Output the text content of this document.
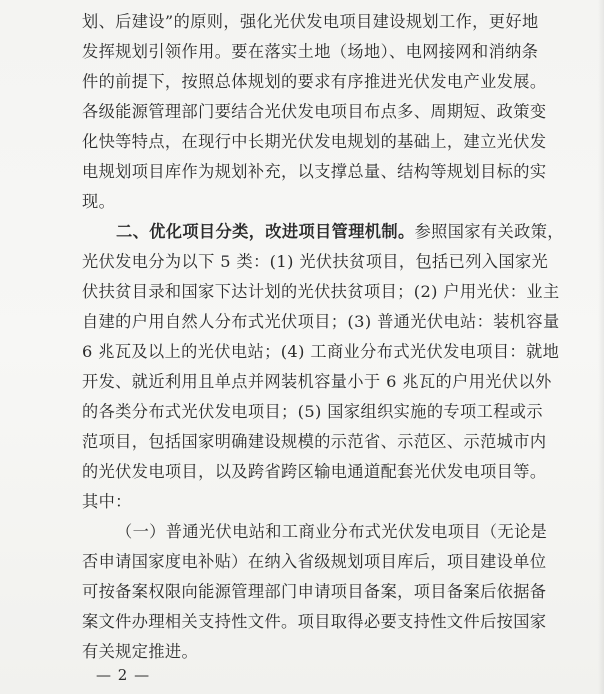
划、后建设”的原则，强化光伏发电项目建设规划工作，更好地
发挥规划引领作用。要在落实土地（场地）、电网接网和消纳条
件的前提下，按照总体规划的要求有序推进光伏发电产业发展。
各级能源管理部门要结合光伏发电项目布点多、周期短、政策变
化快等特点，在现行中长期光伏发电规划的基础上，建立光伏发
电规划项目库作为规划补充，以支撑总量、结构等规划目标的实
现。
二、优化项目分类，改进项目管理机制。参照国家有关政策，
光伏发电分为以下 5 类：(1) 光伏扶贫项目，包括已列入国家光
伏扶贫目录和国家下达计划的光伏扶贫项目；(2) 户用光伏：业主
自建的户用自然人分布式光伏项目；(3) 普通光伏电站：装机容量
6 兆瓦及以上的光伏电站；(4) 工商业分布式光伏发电项目：就地
开发、就近利用且单点并网装机容量小于 6 兆瓦的户用光伏以外
的各类分布式光伏发电项目；(5) 国家组织实施的专项工程或示
范项目，包括国家明确建设规模的示范省、示范区、示范城市内
的光伏发电项目，以及跨省跨区输电通道配套光伏发电项目等。
其中：
（一）普通光伏电站和工商业分布式光伏发电项目（无论是
否申请国家度电补贴）在纳入省级规划项目库后，项目建设单位
可按备案权限向能源管理部门申请项目备案，项目备案后依据备
案文件办理相关支持性文件。项目取得必要支持性文件后按国家
— 2 —
有关规定推进。
